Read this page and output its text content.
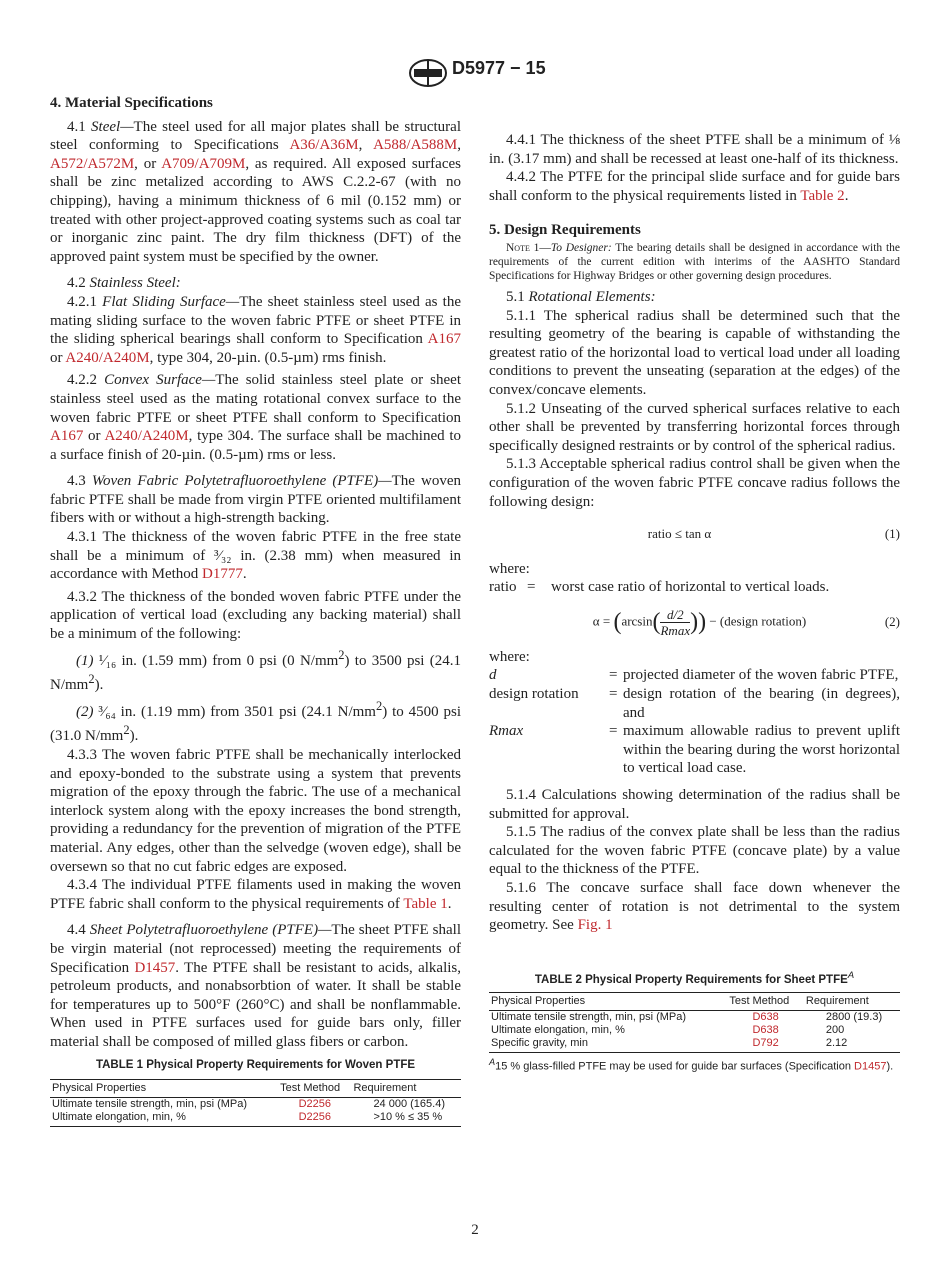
D5977 − 15
4. Material Specifications

4.1 Steel—The steel used for all major plates shall be structural steel conforming to Specifications A36/A36M, A588/A588M, A572/A572M, or A709/A709M, as required. All exposed surfaces shall be zinc metalized according to AWS C.2.2-67 (with no chipping), having a minimum thickness of 6 mil (0.152 mm) or treated with other project-approved coating systems such as coal tar or inorganic zinc paint. The dry film thickness (DFT) of the approved paint system must be specified by the owner.

4.2 Stainless Steel:

4.2.1 Flat Sliding Surface—The sheet stainless steel used as the mating sliding surface to the woven fabric PTFE or sheet PTFE in the sliding spherical bearings shall conform to Specification A167 or A240/A240M, type 304, 20-µin. (0.5-µm) rms finish.

4.2.2 Convex Surface—The solid stainless steel plate or sheet stainless steel used as the mating rotational convex surface to the woven fabric PTFE or sheet PTFE shall conform to Specification A167 or A240/A240M, type 304. The surface shall be machined to a surface finish of 20-µin. (0.5-µm) rms or less.

4.3 Woven Fabric Polytetrafluoroethylene (PTFE)—The woven fabric PTFE shall be made from virgin PTFE oriented multifilament fibers with or without a high-strength backing.

4.3.1 The thickness of the woven fabric PTFE in the free state shall be a minimum of ³⁄₃₂ in. (2.38 mm) when measured in accordance with Method D1777.

4.3.2 The thickness of the bonded woven fabric PTFE under the application of vertical load (excluding any backing material) shall be a minimum of the following:

(1) ¹⁄₁₆ in. (1.59 mm) from 0 psi (0 $N/mm^2$) to 3500 psi (24.1 $N/mm^2$).

(2) ³⁄₆₄ in. (1.19 mm) from 3501 psi (24.1 $N/mm^2$) to 4500 psi (31.0 $N/mm^2$).

4.3.3 The woven fabric PTFE shall be mechanically interlocked and epoxy-bonded to the substrate using a system that prevents migration of the epoxy through the fabric. The use of a mechanical interlock system along with the epoxy increases the bond strength, providing a redundancy for the prevention of migration of the PTFE material. Any edges, other than the selvedge (woven edge), shall be oversewn so that no cut fabric edges are exposed.

4.3.4 The individual PTFE filaments used in making the woven PTFE fabric shall conform to the physical requirements of Table 1.

4.4 Sheet Polytetrafluoroethylene (PTFE)—The sheet PTFE shall be virgin material (not reprocessed) meeting the requirements of Specification D1457. The PTFE shall be resistant to acids, alkalis, petroleum products, and nonabsorbtion of water. It shall be stable for temperatures up to 500°F (260°C) and shall be nonflammable. When used in PTFE surfaces used for guide bars only, filler material shall be composed of milled glass fibers or carbon.

TABLE 1 Physical Property Requirements for Woven PTFE
Physical Properties	Test Method	Requirement
Ultimate tensile strength, min, psi (MPa)	D2256	24 000 (165.4)
Ultimate elongation, min, %	D2256	>10 % ≤ 35 %

4.4.1 The thickness of the sheet PTFE shall be a minimum of ⅛ in. (3.17 mm) and shall be recessed at least one-half of its thickness.

4.4.2 The PTFE for the principal slide surface and for guide bars shall conform to the physical requirements listed in Table 2.

5. Design Requirements

Note 1—To Designer: The bearing details shall be designed in accordance with the requirements of the current edition with interims of the AASHTO Standard Specifications for Highway Bridges or other governing design procedures.

5.1 Rotational Elements:

5.1.1 The spherical radius shall be determined such that the resulting geometry of the bearing is capable of withstanding the greatest ratio of the horizontal load to vertical load under all loading conditions to prevent the unseating (separation at the edges) of the convex/concave elements.

5.1.2 Unseating of the curved spherical surfaces relative to each other shall be prevented by transferring horizontal forces through specifically designed restraints or by control of the spherical radius.

5.1.3 Acceptable spherical radius control shall be given when the configuration of the woven fabric PTFE concave radius follows the following design:

ratio ≤ tan α	(1)

where:

ratio =	worst case ratio of horizontal to vertical loads.
$\alpha = (\arcsin( \frac{d/2}{Rmax}$ )) − (design rotation)	(2)

where:

d	= projected diameter of the woven fabric PTFE,
design rotation	= design rotation of the bearing (in degrees), and
Rmax	= maximum allowable radius to prevent uplift within the bearing during the worst horizontal to vertical load case.

5.1.4 Calculations showing determination of the radius shall be submitted for approval.

5.1.5 The radius of the convex plate shall be less than the radius calculated for the woven fabric PTFE (concave plate) by a value equal to the thickness of the PTFE.

5.1.6 The concave surface shall face down whenever the resulting center of rotation is not detrimental to the system geometry. See Fig. 1

TABLE 2 Physical Property Requirements for Sheet $PTFE^A$
Physical Properties	Test Method	Requirement
Ultimate tensile strength, min, psi (MPa)	D638	2800 (19.3)
Ultimate elongation, min, %	D638	200
Specific gravity, min	D792	2.12

$^A$15 % glass-filled PTFE may be used for guide bar surfaces (Specification D1457).

2
